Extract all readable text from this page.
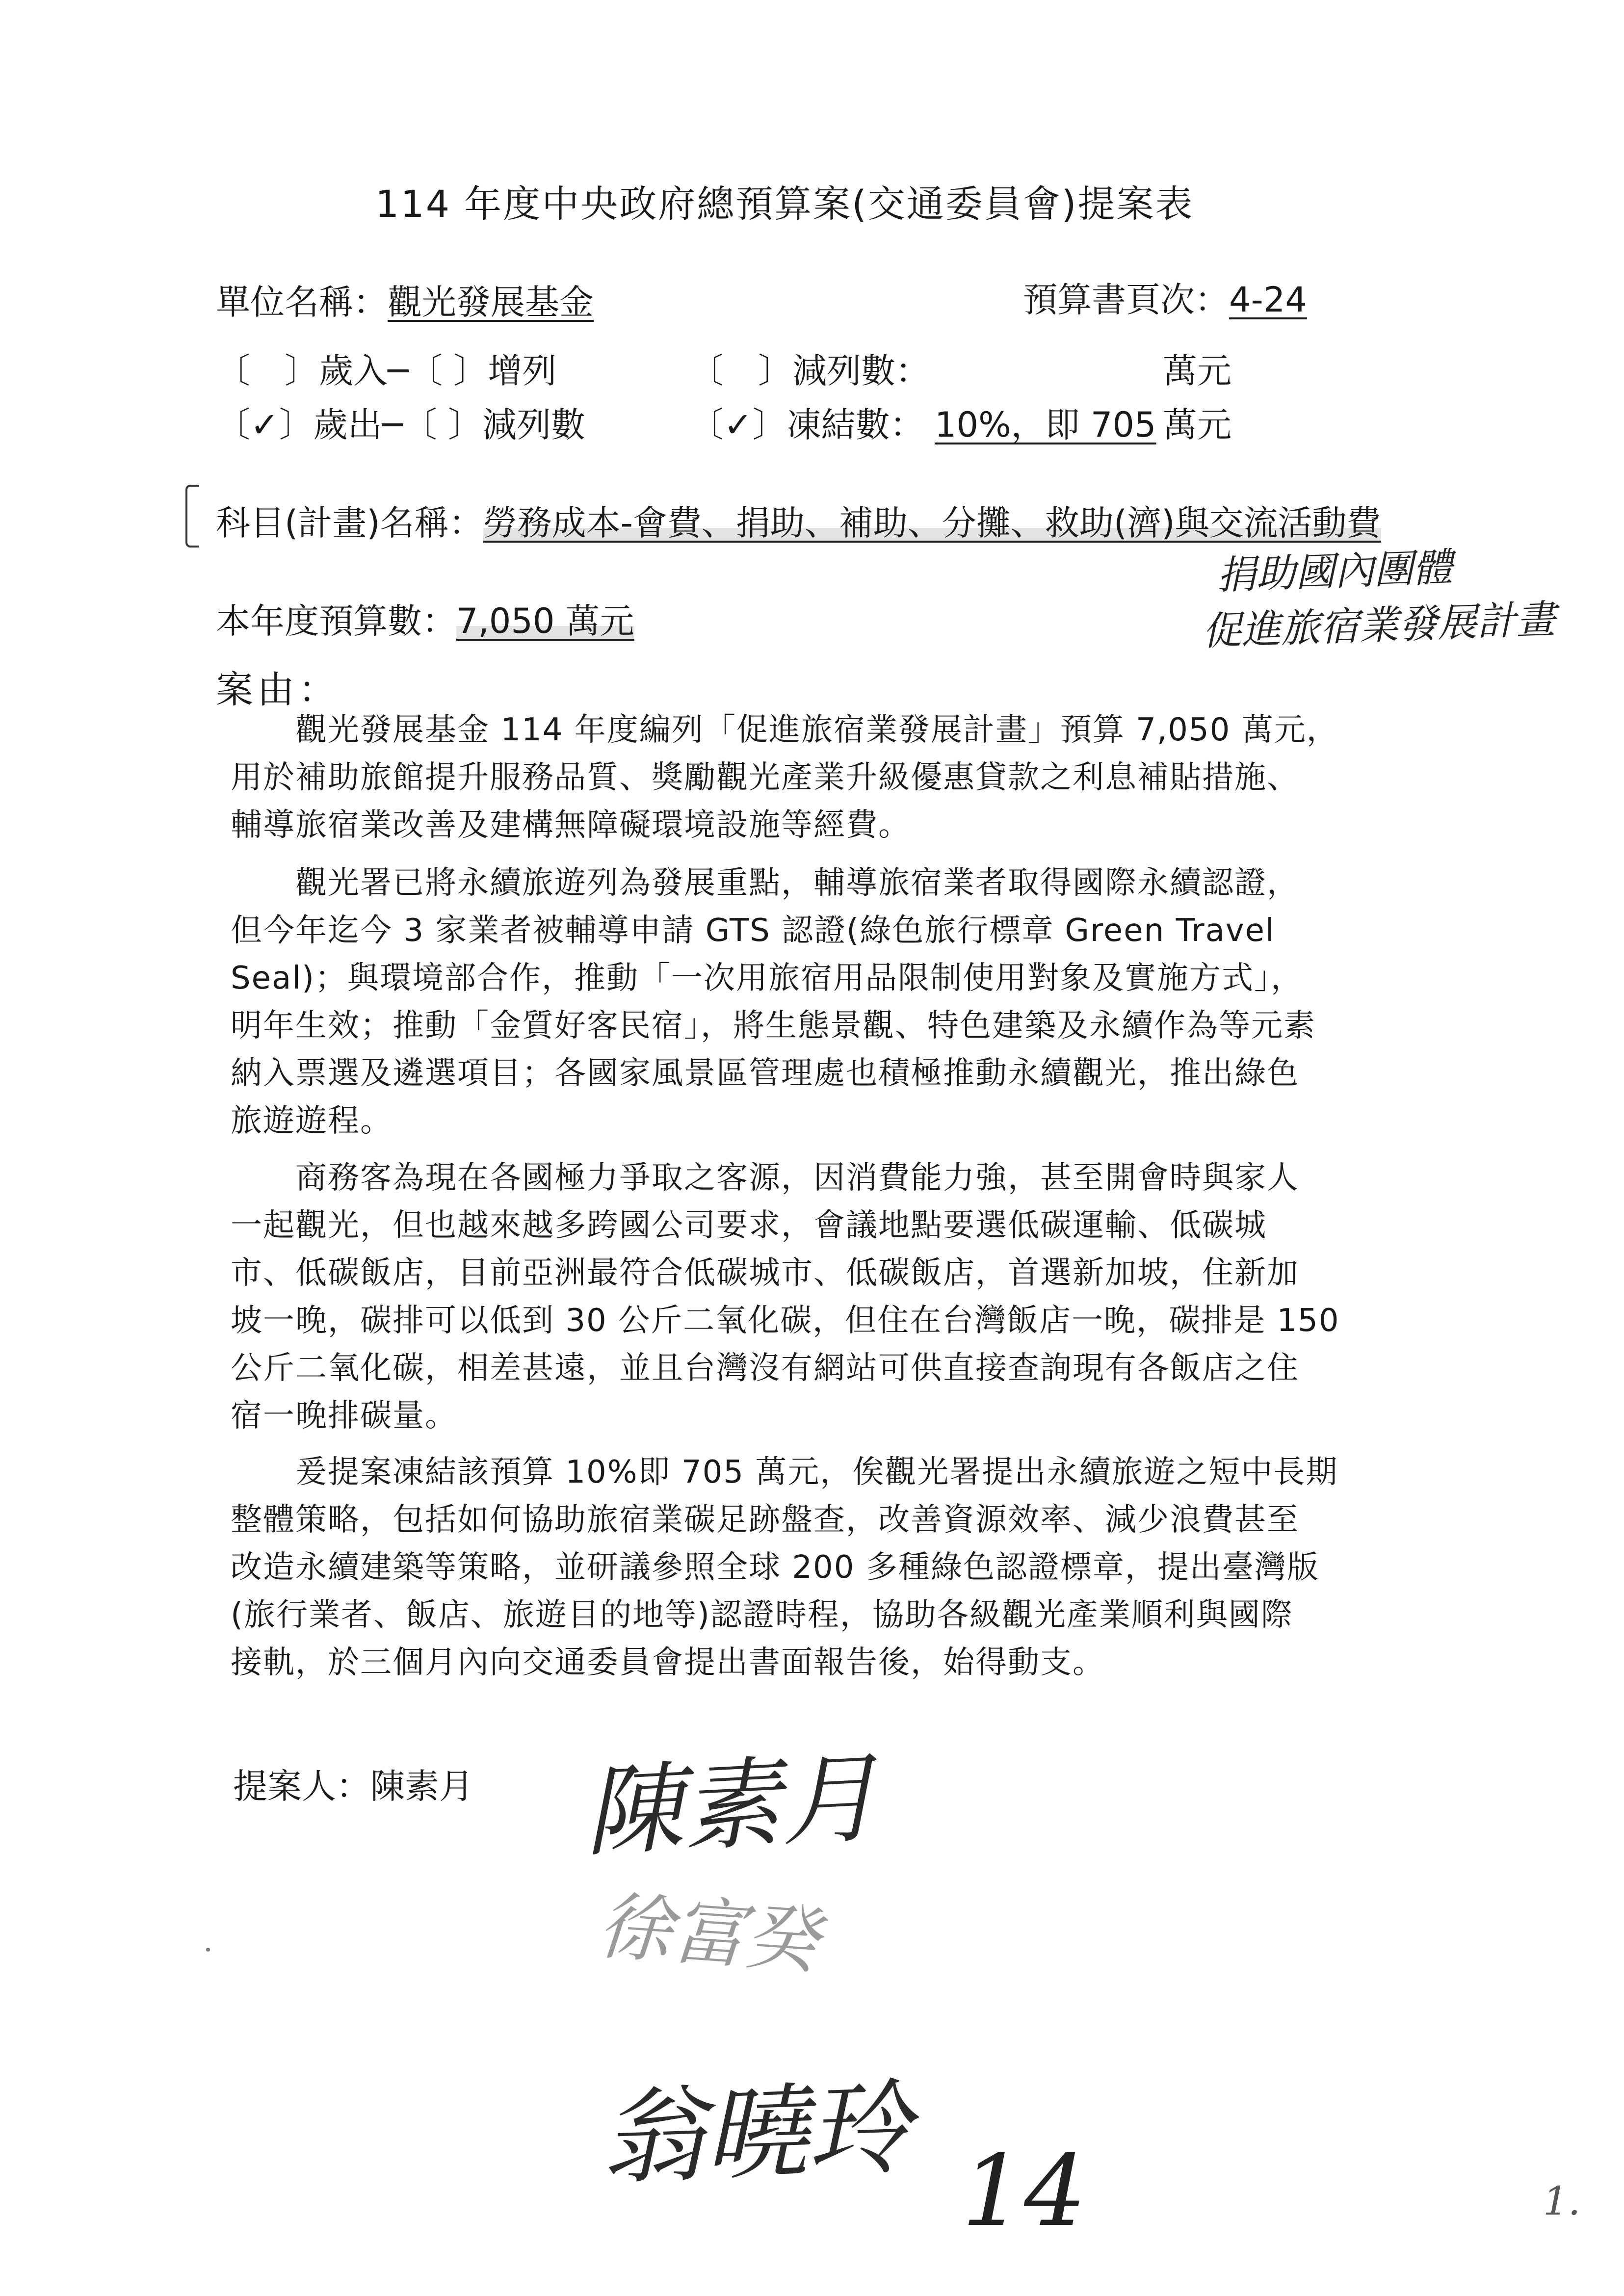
114 年度中央政府總預算案(交通委員會)提案表
單位名稱：觀光發展基金	預算書頁次：4-24
〔　〕歲入─〔 〕增列	〔　〕減列數：	萬元
〔✓〕歲出─〔 〕減列數	〔✓〕凍結數： 10%，即 705 萬元
科目(計畫)名稱：勞務成本-會費、捐助、補助、分攤、救助(濟)與交流活動費
捐助國內團體
促進旅宿業發展計畫
本年度預算數：7,050 萬元
案由：
　　觀光發展基金 114 年度編列「促進旅宿業發展計畫」預算 7,050 萬元，
用於補助旅館提升服務品質、獎勵觀光產業升級優惠貸款之利息補貼措施、
輔導旅宿業改善及建構無障礙環境設施等經費。
　　觀光署已將永續旅遊列為發展重點，輔導旅宿業者取得國際永續認證，
但今年迄今 3 家業者被輔導申請 GTS 認證(綠色旅行標章 Green Travel
Seal)；與環境部合作，推動「一次用旅宿用品限制使用對象及實施方式」，
明年生效；推動「金質好客民宿」，將生態景觀、特色建築及永續作為等元素
納入票選及遴選項目；各國家風景區管理處也積極推動永續觀光，推出綠色
旅遊遊程。
　　商務客為現在各國極力爭取之客源，因消費能力強，甚至開會時與家人
一起觀光，但也越來越多跨國公司要求，會議地點要選低碳運輸、低碳城
市、低碳飯店，目前亞洲最符合低碳城市、低碳飯店，首選新加坡，住新加
坡一晚，碳排可以低到 30 公斤二氧化碳，但住在台灣飯店一晚，碳排是 150
公斤二氧化碳，相差甚遠，並且台灣沒有網站可供直接查詢現有各飯店之住
宿一晚排碳量。
　　爰提案凍結該預算 10%即 705 萬元，俟觀光署提出永續旅遊之短中長期
整體策略，包括如何協助旅宿業碳足跡盤查，改善資源效率、減少浪費甚至
改造永續建築等策略，並研議參照全球 200 多種綠色認證標章，提出臺灣版
(旅行業者、飯店、旅遊目的地等)認證時程，協助各級觀光產業順利與國際
接軌，於三個月內向交通委員會提出書面報告後，始得動支。
提案人：陳素月 陳素月
徐富癸
翁曉玲 14	1.
